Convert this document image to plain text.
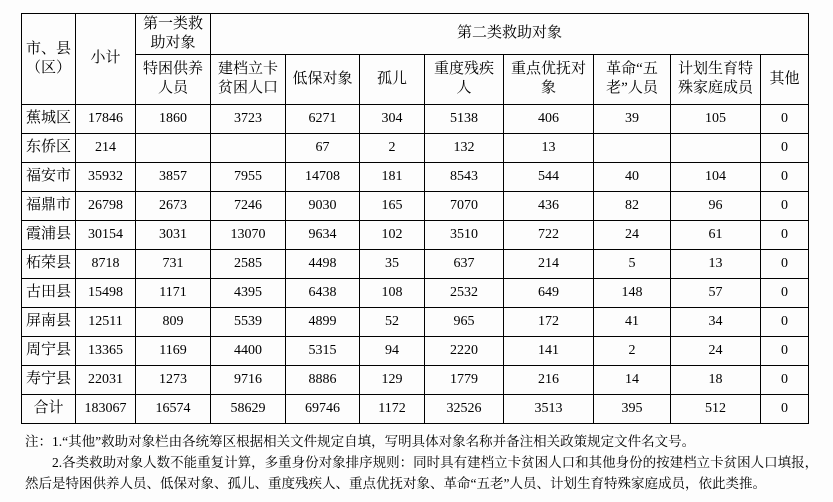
市、县（区）	小计	第一类救助对象	第二类救助对象							
		特困供养人员	建档立卡贫困人口	低保对象	孤儿	重度残疾人	重点优抚对象	革命“五老”人员	计划生育特殊家庭成员	其他
蕉城区	17846	1860	3723	6271	304	5138	406	39	105	0
东侨区	214			67	2	132	13			0
福安市	35932	3857	7955	14708	181	8543	544	40	104	0
福鼎市	26798	2673	7246	9030	165	7070	436	82	96	0
霞浦县	30154	3031	13070	9634	102	3510	722	24	61	0
柘荣县	8718	731	2585	4498	35	637	214	5	13	0
古田县	15498	1171	4395	6438	108	2532	649	148	57	0
屏南县	12511	809	5539	4899	52	965	172	41	34	0
周宁县	13365	1169	4400	5315	94	2220	141	2	24	0
寿宁县	22031	1273	9716	8886	129	1779	216	14	18	0
合计	183067	16574	58629	69746	1172	32526	3513	395	512	0

注：1.“其他”救助对象栏由各统筹区根据相关文件规定自填，写明具体对象名称并备注相关政策规定文件名文号。

2.各类救助对象人数不能重复计算，多重身份对象排序规则：同时具有建档立卡贫困人口和其他身份的按建档立卡贫困人口填报，然后是特困供养人员、低保对象、孤儿、重度残疾人、重点优抚对象、革命“五老”人员、计划生育特殊家庭成员，依此类推。
